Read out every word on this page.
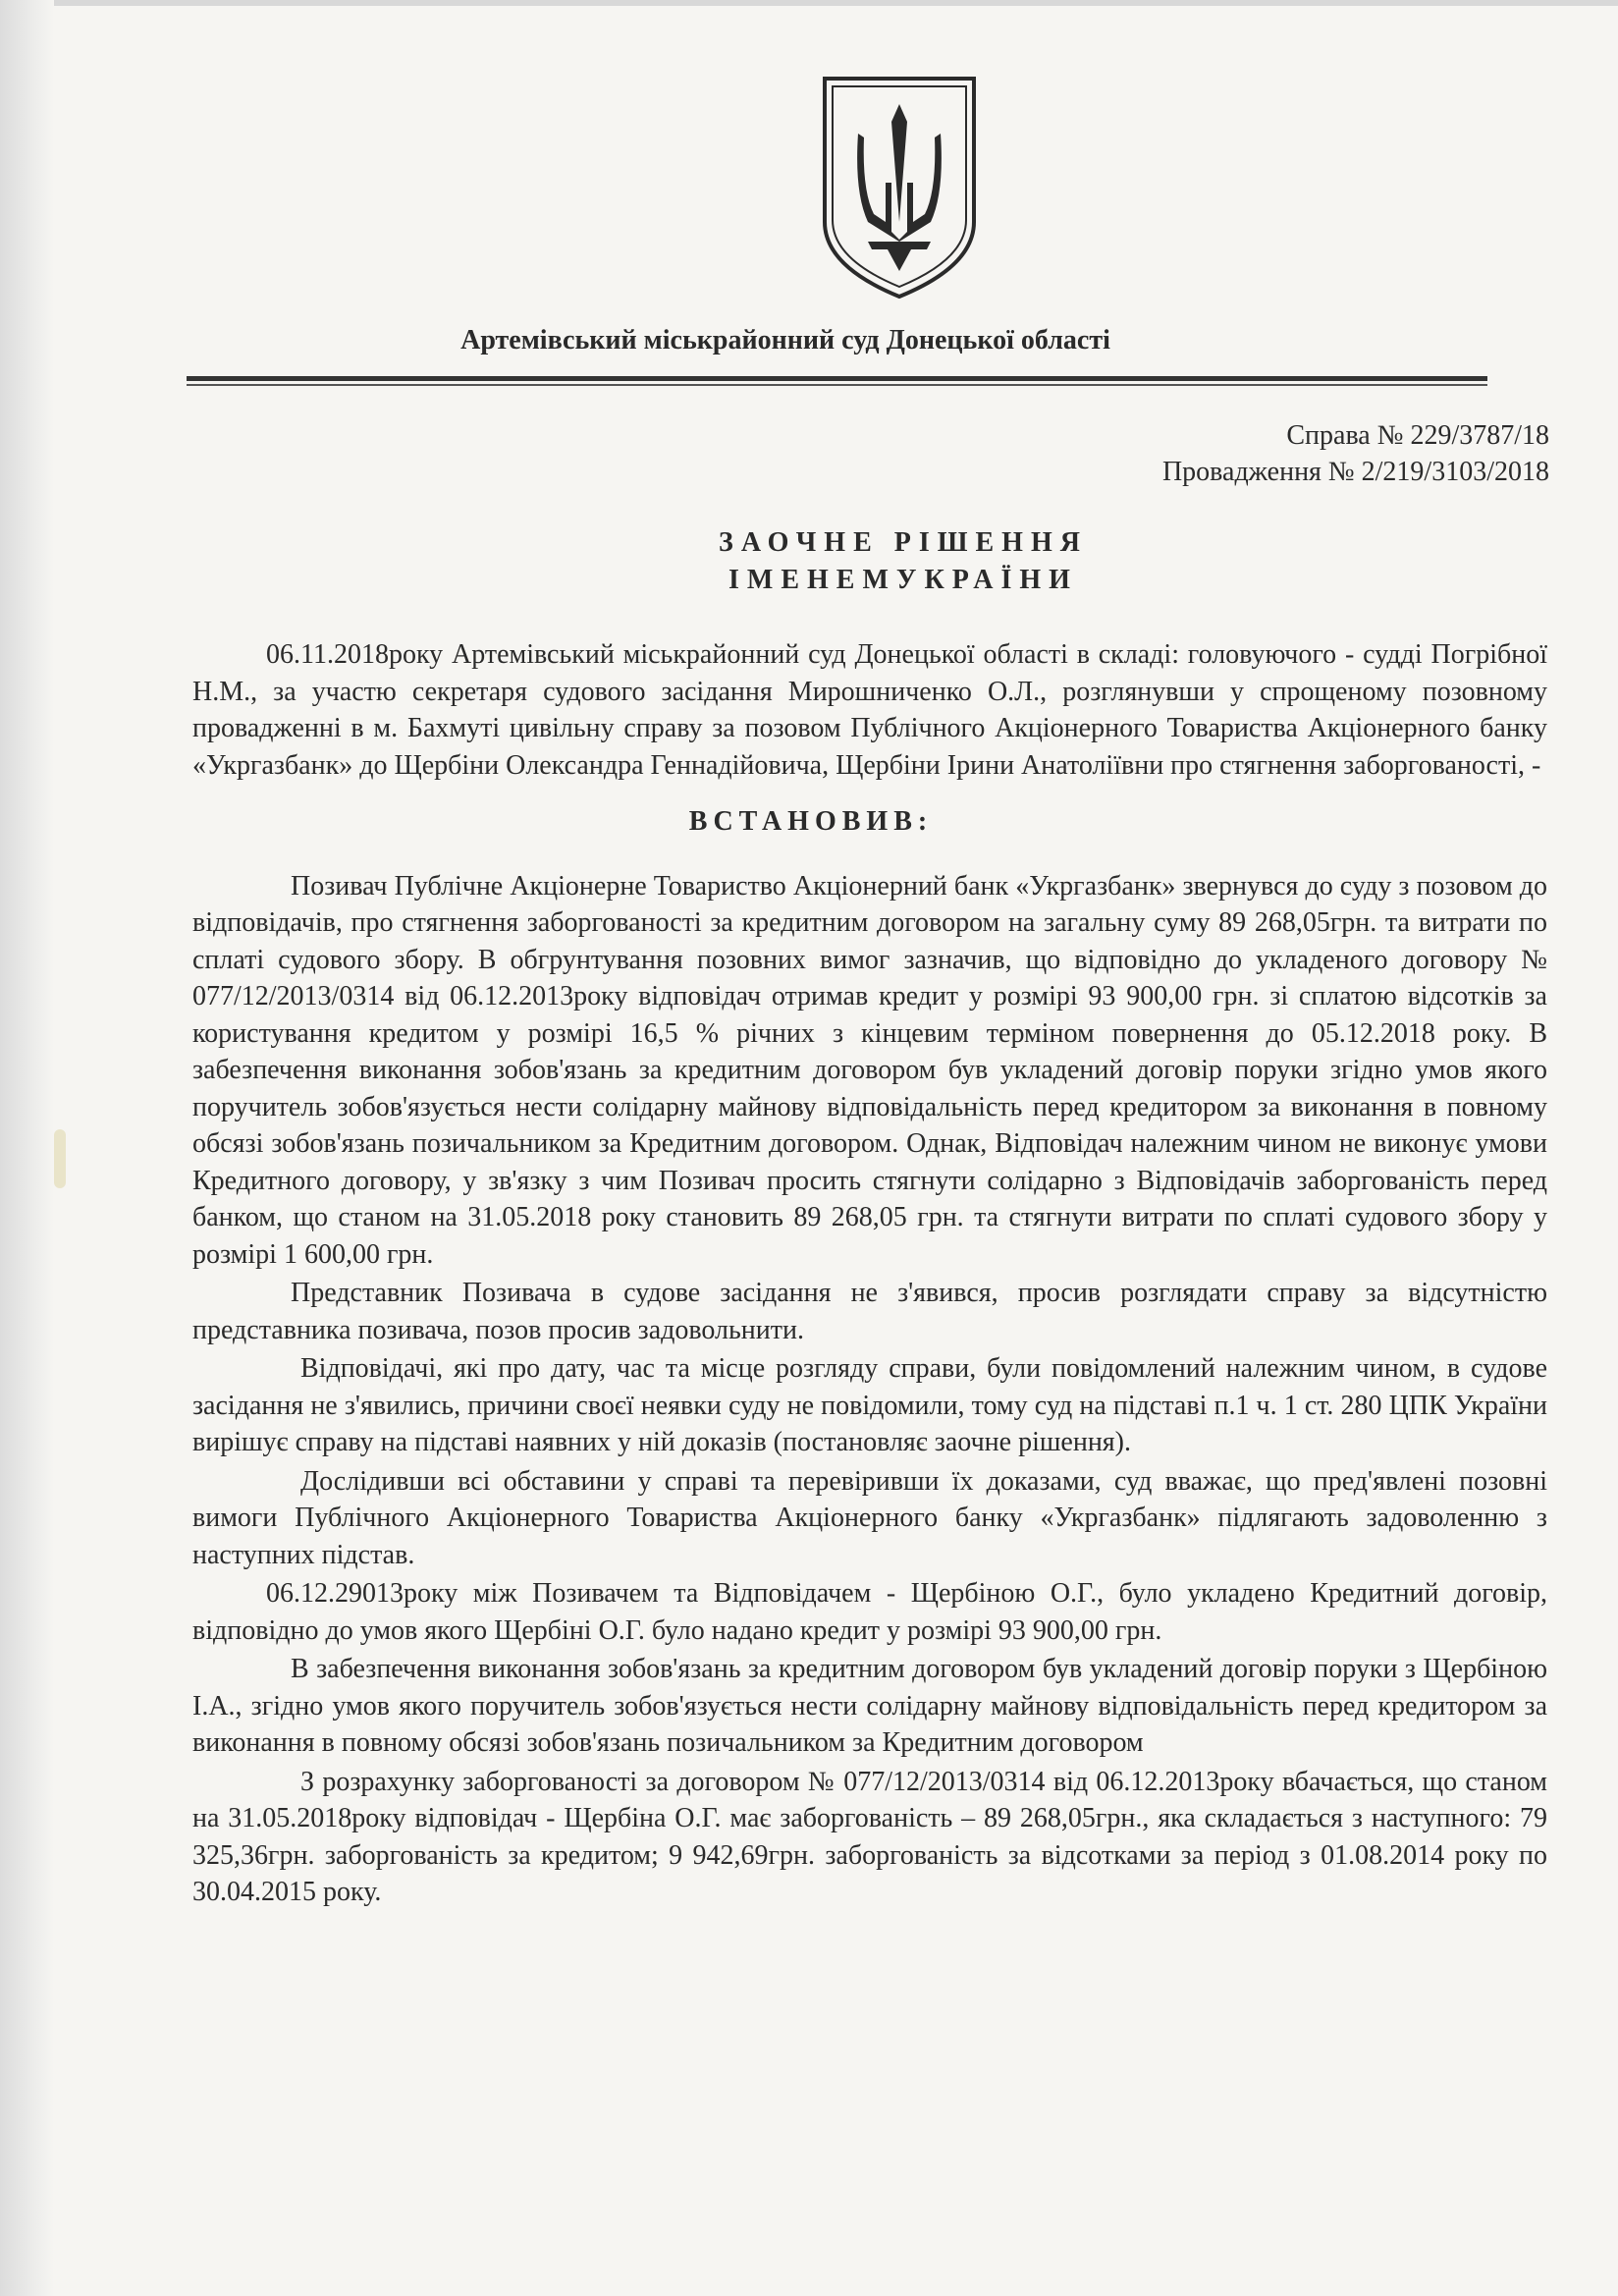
Артемівський міськрайонний суд Донецької області
Справа № 229/3787/18
Провадження № 2/219/3103/2018
ЗАОЧНЕ РІШЕННЯ
ІМЕНЕМУКРАЇНИ

06.11.2018року Артемівський міськрайонний суд Донецької області в складі: головуючого - судді Погрібної Н.М., за участю секретаря судового засідання Мирошниченко О.Л., розглянувши у спрощеному позовному провадженні в м. Бахмуті цивільну справу за позовом Публічного Акціонерного Товариства Акціонерного банку «Укргазбанк» до Щербіни Олександра Геннадійовича, Щербіни Ірини Анатоліївни про стягнення заборгованості, -

ВСТАНОВИВ:

Позивач Публічне Акціонерне Товариство Акціонерний банк «Укргазбанк» звернувся до суду з позовом до відповідачів, про стягнення заборгованості за кредитним договором на загальну суму 89 268,05грн. та витрати по сплаті судового збору. В обгрунтування позовних вимог зазначив, що відповідно до укладеного договору № 077/12/2013/0314 від 06.12.2013року відповідач отримав кредит у розмірі 93 900,00 грн. зі сплатою відсотків за користування кредитом у розмірі 16,5 % річних з кінцевим терміном повернення до 05.12.2018 року. В забезпечення виконання зобов'язань за кредитним договором був укладений договір поруки згідно умов якого поручитель зобов'язується нести солідарну майнову відповідальність перед кредитором за виконання в повному обсязі зобов'язань позичальником за Кредитним договором. Однак, Відповідач належним чином не виконує умови Кредитного договору, у зв'язку з чим Позивач просить стягнути солідарно з Відповідачів заборгованість перед банком, що станом на 31.05.2018 року становить 89 268,05 грн. та стягнути витрати по сплаті судового збору у розмірі 1 600,00 грн.

Представник Позивача в судове засідання не з'явився, просив розглядати справу за відсутністю представника позивача, позов просив задовольнити.

Відповідачі, які про дату, час та місце розгляду справи, були повідомлений належним чином, в судове засідання не з'явились, причини своєї неявки суду не повідомили, тому суд на підставі п.1 ч. 1 ст. 280 ЦПК України вирішує справу на підставі наявних у ній доказів (постановляє заочне рішення).

Дослідивши всі обставини у справі та перевіривши їх доказами, суд вважає, що пред'явлені позовні вимоги Публічного Акціонерного Товариства Акціонерного банку «Укргазбанк» підлягають задоволенню з наступних підстав.

06.12.29013року між Позивачем та Відповідачем - Щербіною О.Г., було укладено Кредитний договір, відповідно до умов якого Щербіні О.Г. було надано кредит у розмірі 93 900,00 грн.

В забезпечення виконання зобов'язань за кредитним договором був укладений договір поруки з Щербіною І.А., згідно умов якого поручитель зобов'язується нести солідарну майнову відповідальність перед кредитором за виконання в повному обсязі зобов'язань позичальником за Кредитним договором

З розрахунку заборгованості за договором № 077/12/2013/0314 від 06.12.2013року вбачається, що станом на 31.05.2018року відповідач - Щербіна О.Г. має заборгованість – 89 268,05грн., яка складається з наступного: 79 325,36грн. заборгованість за кредитом; 9 942,69грн. заборгованість за відсотками за період з 01.08.2014 року по 30.04.2015 року.
